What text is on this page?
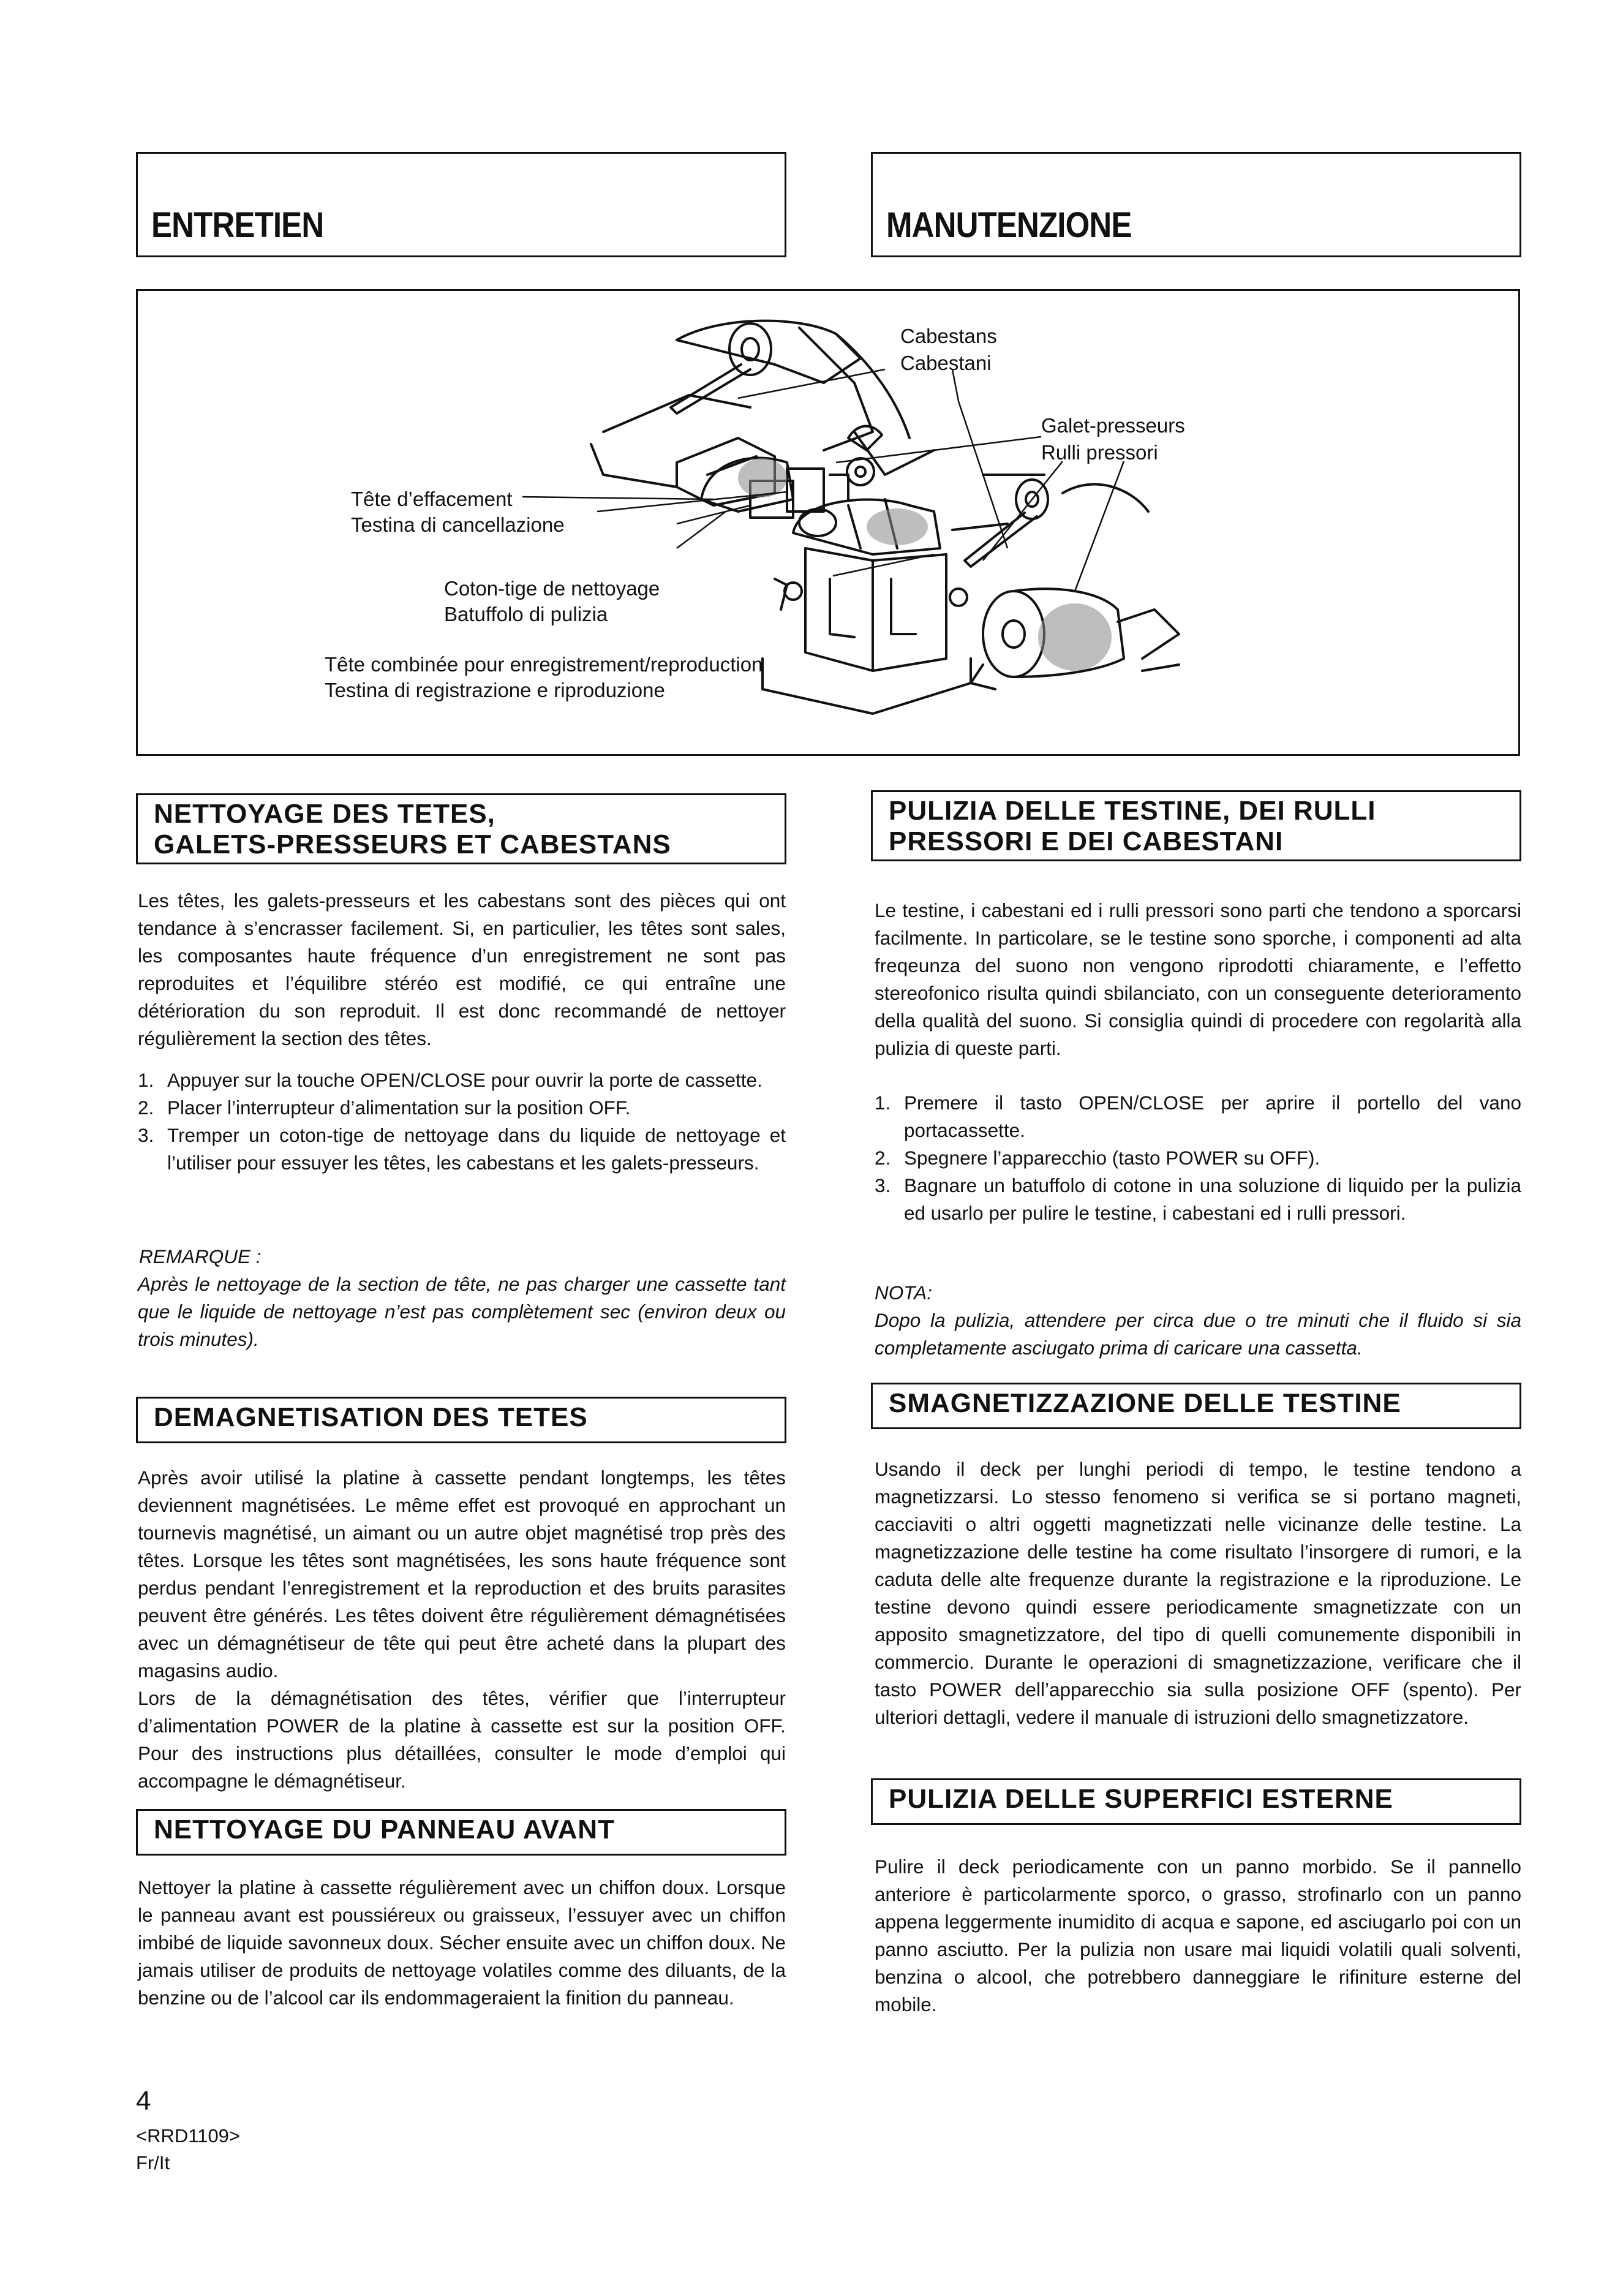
ENTRETIEN	MANUTENZIONE
Cabestans
Cabestani
Galet-presseurs
Rulli pressori
Tête d’effacement
Testina di cancellazione
Coton-tige de nettoyage
Batuffolo di pulizia
Tête combinée pour enregistrement/reproduction
Testina di registrazione e riproduzione
NETTOYAGE DES TETES,
GALETS-PRESSEURS ET CABESTANS

Les têtes, les galets-presseurs et les cabestans sont des pièces qui ont tendance à s’encrasser facilement. Si, en particulier, les têtes sont sales, les composantes haute fréquence d’un enregistrement ne sont pas reproduites et l’équilibre stéréo est modifié, ce qui entraîne une détérioration du son reproduit. Il est donc recommandé de nettoyer régulièrement la section des têtes.

1. Appuyer sur la touche OPEN/CLOSE pour ouvrir la porte de cassette.
2. Placer l’interrupteur d’alimentation sur la position OFF.
3. Tremper un coton-tige de nettoyage dans du liquide de nettoyage et l’utiliser pour essuyer les têtes, les cabestans et les galets-presseurs.

REMARQUE :

Après le nettoyage de la section de tête, ne pas charger une cassette tant que le liquide de nettoyage n’est pas complètement sec (environ deux ou trois minutes).

DEMAGNETISATION DES TETES

Après avoir utilisé la platine à cassette pendant longtemps, les têtes deviennent magnétisées. Le même effet est provoqué en approchant un tournevis magnétisé, un aimant ou un autre objet magnétisé trop près des têtes. Lorsque les têtes sont magnétisées, les sons haute fréquence sont perdus pendant l’enregistrement et la reproduction et des bruits parasites peuvent être générés. Les têtes doivent être régulièrement démagnétisées avec un démagnétiseur de tête qui peut être acheté dans la plupart des magasins audio.

Lors de la démagnétisation des têtes, vérifier que l’interrupteur d’alimentation POWER de la platine à cassette est sur la position OFF. Pour des instructions plus détaillées, consulter le mode d’emploi qui accompagne le démagnétiseur.

NETTOYAGE DU PANNEAU AVANT

Nettoyer la platine à cassette régulièrement avec un chiffon doux. Lorsque le panneau avant est poussiéreux ou graisseux, l’essuyer avec un chiffon imbibé de liquide savonneux doux. Sécher ensuite avec un chiffon doux. Ne jamais utiliser de produits de nettoyage volatiles comme des diluants, de la benzine ou de l’alcool car ils endommageraient la finition du panneau.

PULIZIA DELLE TESTINE, DEI RULLI
PRESSORI E DEI CABESTANI

Le testine, i cabestani ed i rulli pressori sono parti che tendono a sporcarsi facilmente. In particolare, se le testine sono sporche, i componenti ad alta freqeunza del suono non vengono riprodotti chiaramente, e l’effetto stereofonico risulta quindi sbilanciato, con un conseguente deterioramento della qualità del suono. Si consiglia quindi di procedere con regolarità alla pulizia di queste parti.

1. Premere il tasto OPEN/CLOSE per aprire il portello del vano portacassette.
2. Spegnere l’apparecchio (tasto POWER su OFF).
3. Bagnare un batuffolo di cotone in una soluzione di liquido per la pulizia ed usarlo per pulire le testine, i cabestani ed i rulli pressori.

NOTA:

Dopo la pulizia, attendere per circa due o tre minuti che il fluido si sia completamente asciugato prima di caricare una cassetta.

SMAGNETIZZAZIONE DELLE TESTINE

Usando il deck per lunghi periodi di tempo, le testine tendono a magnetizzarsi. Lo stesso fenomeno si verifica se si portano magneti, cacciaviti o altri oggetti magnetizzati nelle vicinanze delle testine. La magnetizzazione delle testine ha come risultato l’insorgere di rumori, e la caduta delle alte frequenze durante la registrazione e la riproduzione. Le testine devono quindi essere periodicamente smagnetizzate con un apposito smagnetizzatore, del tipo di quelli comunemente disponibili in commercio. Durante le operazioni di smagnetizzazione, verificare che il tasto POWER dell’apparecchio sia sulla posizione OFF (spento). Per ulteriori dettagli, vedere il manuale di istruzioni dello smagnetizzatore.

PULIZIA DELLE SUPERFICI ESTERNE

Pulire il deck periodicamente con un panno morbido. Se il pannello anteriore è particolarmente sporco, o grasso, strofinarlo con un panno appena leggermente inumidito di acqua e sapone, ed asciugarlo poi con un panno asciutto. Per la pulizia non usare mai liquidi volatili quali solventi, benzina o alcool, che potrebbero danneggiare le rifiniture esterne del mobile.

4
<RRD1109>
Fr/It
